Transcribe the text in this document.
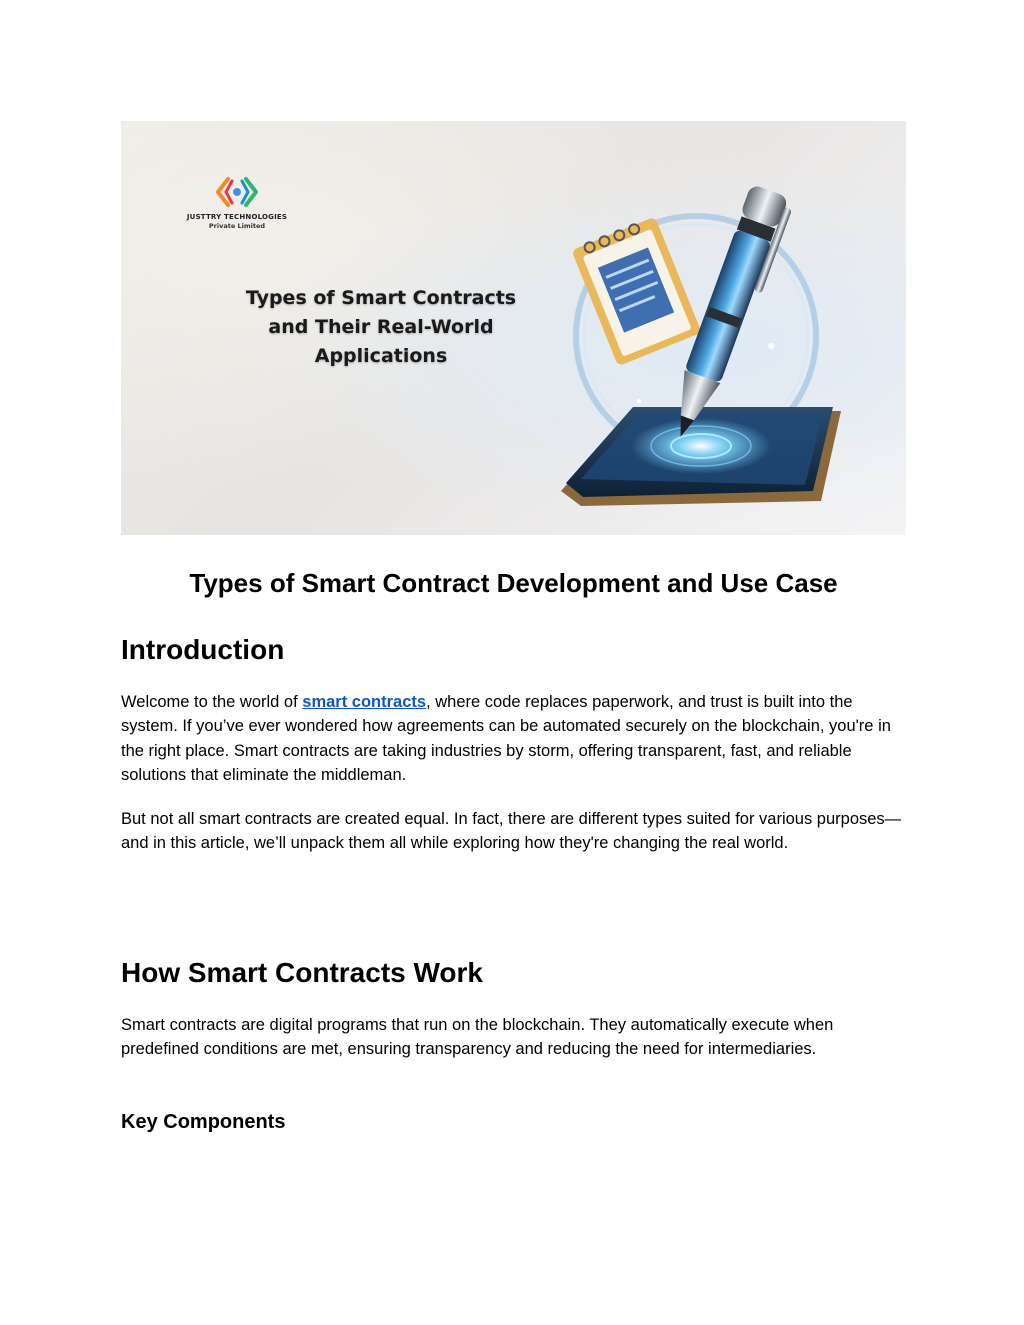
JUSTTRY TECHNOLOGIES
Private Limited
Types of Smart Contracts
and Their Real-World
Applications
Types of Smart Contract Development and Use Case
Introduction

Welcome to the world of smart contracts, where code replaces paperwork, and trust is built into the system. If you’ve ever wondered how agreements can be automated securely on the blockchain, you're in the right place. Smart contracts are taking industries by storm, offering transparent, fast, and reliable solutions that eliminate the middleman.

But not all smart contracts are created equal. In fact, there are different types suited for various purposes—and in this article, we’ll unpack them all while exploring how they're changing the real world.

How Smart Contracts Work

Smart contracts are digital programs that run on the blockchain. They automatically execute when predefined conditions are met, ensuring transparency and reducing the need for intermediaries.

Key Components
